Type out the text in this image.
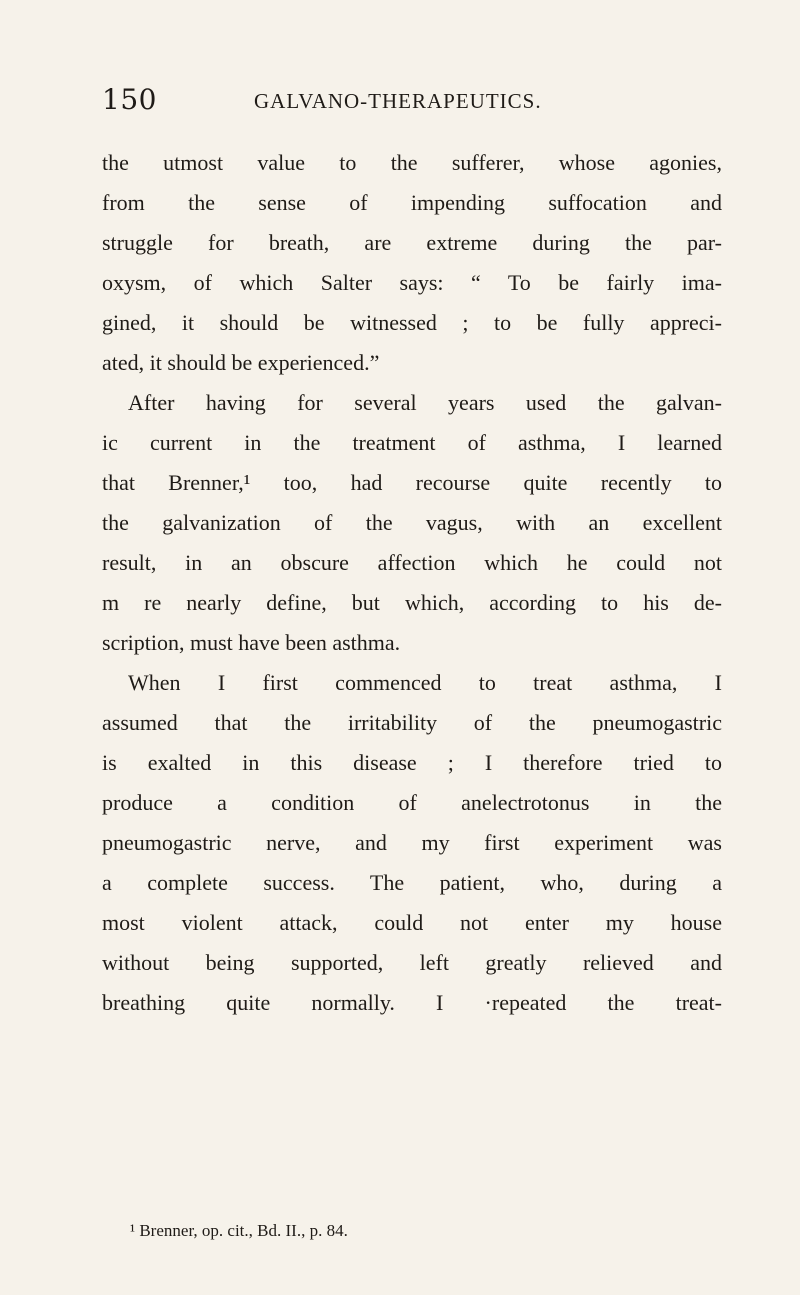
150	GALVANO-THERAPEUTICS.
the utmost value to the sufferer, whose agonies,
from the sense of impending suffocation and
struggle for breath, are extreme during the par-
oxysm, of which Salter says: “ To be fairly ima-
gined, it should be witnessed ; to be fully appreci-
ated, it should be experienced.”
After having for several years used the galvan-
ic current in the treatment of asthma, I learned
that Brenner,¹ too, had recourse quite recently to
the galvanization of the vagus, with an excellent
result, in an obscure affection which he could not
m re nearly define, but which, according to his de-
scription, must have been asthma.
When I first commenced to treat asthma, I
assumed that the irritability of the pneumogastric
is exalted in this disease ; I therefore tried to
produce a condition of anelectrotonus in the
pneumogastric nerve, and my first experiment was
a complete success. The patient, who, during a
most violent attack, could not enter my house
without being supported, left greatly relieved and
breathing quite normally. I ·repeated the treat-
¹ Brenner, op. cit., Bd. II., p. 84.
